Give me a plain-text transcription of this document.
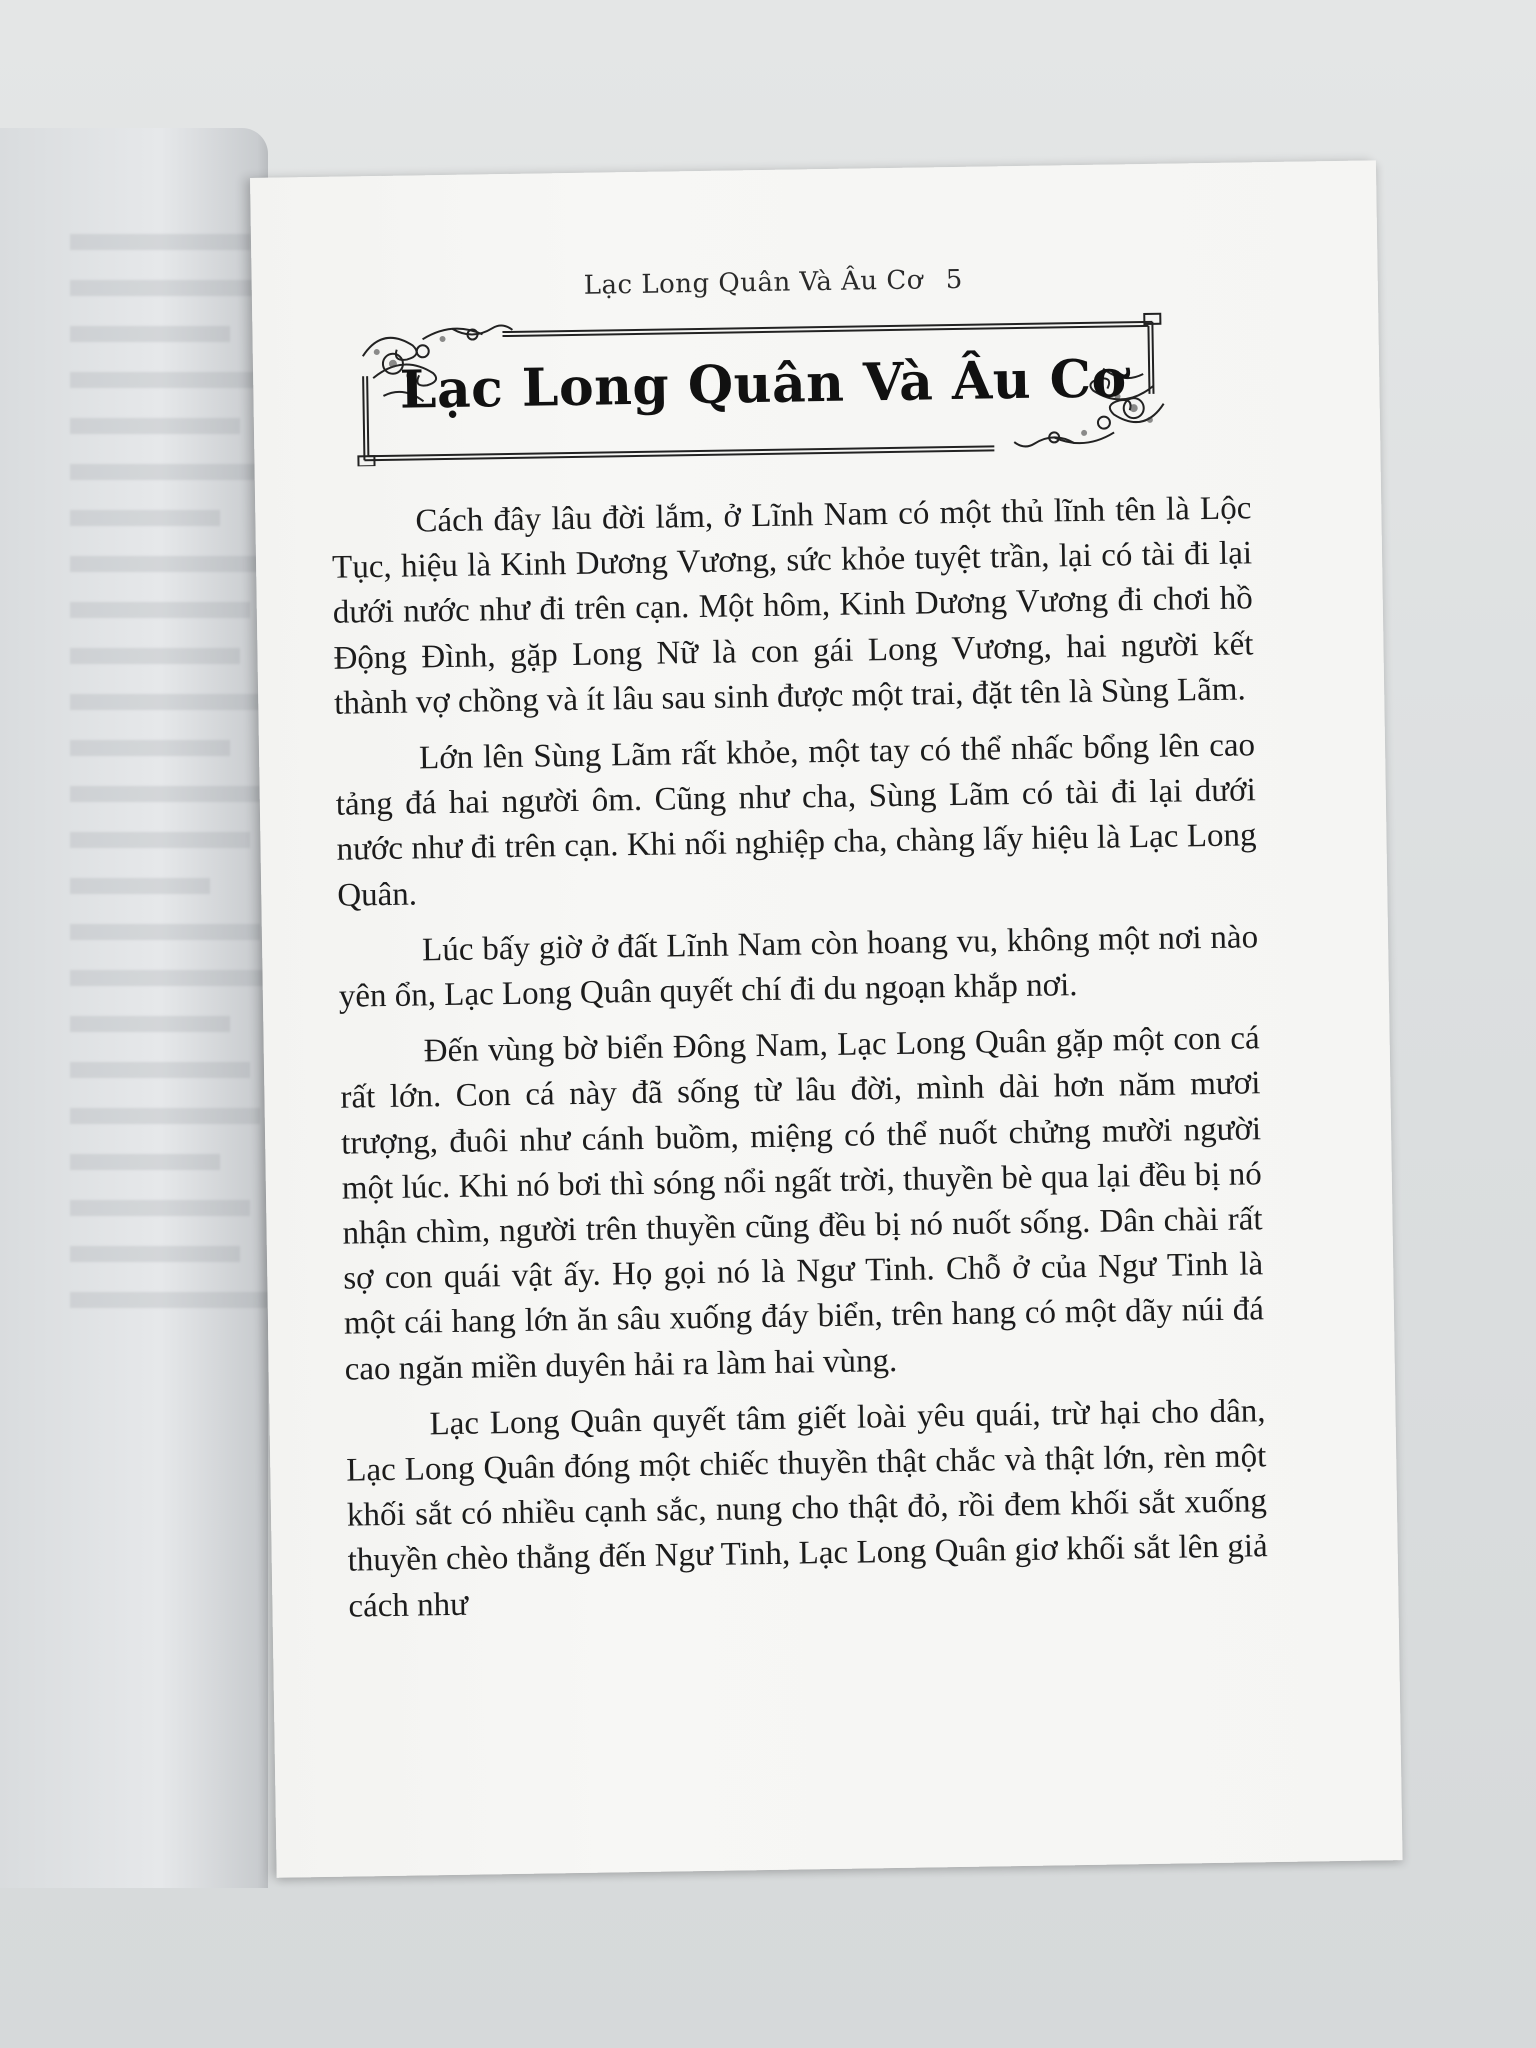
Lạc Long Quân Và Âu Cơ 5
Lạc Long Quân Và Âu Cơ

Cách đây lâu đời lắm, ở Lĩnh Nam có một thủ lĩnh tên là Lộc Tục, hiệu là Kinh Dương Vương, sức khỏe tuyệt trần, lại có tài đi lại dưới nước như đi trên cạn. Một hôm, Kinh Dương Vương đi chơi hồ Động Đình, gặp Long Nữ là con gái Long Vương, hai người kết thành vợ chồng và ít lâu sau sinh được một trai, đặt tên là Sùng Lãm.

Lớn lên Sùng Lãm rất khỏe, một tay có thể nhấc bổng lên cao tảng đá hai người ôm. Cũng như cha, Sùng Lãm có tài đi lại dưới nước như đi trên cạn. Khi nối nghiệp cha, chàng lấy hiệu là Lạc Long Quân.

Lúc bấy giờ ở đất Lĩnh Nam còn hoang vu, không một nơi nào yên ổn, Lạc Long Quân quyết chí đi du ngoạn khắp nơi.

Đến vùng bờ biển Đông Nam, Lạc Long Quân gặp một con cá rất lớn. Con cá này đã sống từ lâu đời, mình dài hơn năm mươi trượng, đuôi như cánh buồm, miệng có thể nuốt chửng mười người một lúc. Khi nó bơi thì sóng nổi ngất trời, thuyền bè qua lại đều bị nó nhận chìm, người trên thuyền cũng đều bị nó nuốt sống. Dân chài rất sợ con quái vật ấy. Họ gọi nó là Ngư Tinh. Chỗ ở của Ngư Tinh là một cái hang lớn ăn sâu xuống đáy biển, trên hang có một dãy núi đá cao ngăn miền duyên hải ra làm hai vùng.

Lạc Long Quân quyết tâm giết loài yêu quái, trừ hại cho dân, Lạc Long Quân đóng một chiếc thuyền thật chắc và thật lớn, rèn một khối sắt có nhiều cạnh sắc, nung cho thật đỏ, rồi đem khối sắt xuống thuyền chèo thẳng đến Ngư Tinh, Lạc Long Quân giơ khối sắt lên giả cách như
